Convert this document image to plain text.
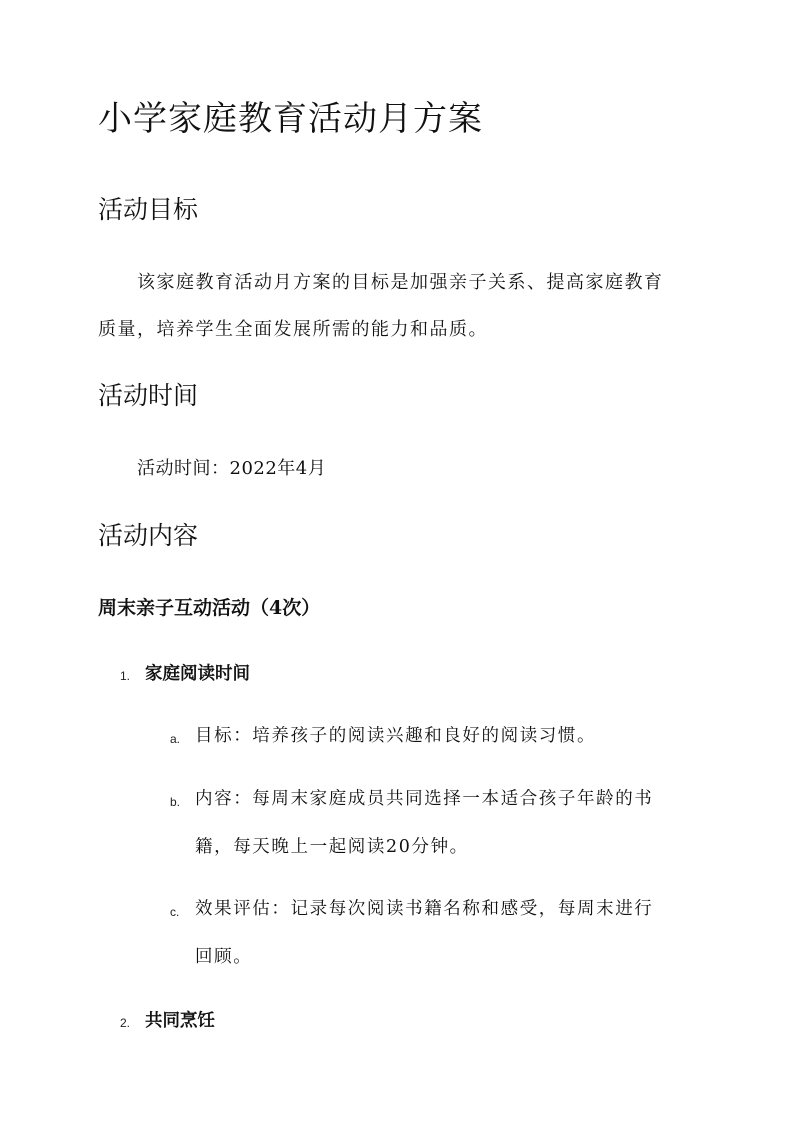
小学家庭教育活动月方案
活动目标
该家庭教育活动月方案的目标是加强亲子关系、提高家庭教育
质量，培养学生全面发展所需的能力和品质。
活动时间
活动时间：2022年4月
活动内容
周末亲子互动活动（4次）
1. 家庭阅读时间
a. 目标：培养孩子的阅读兴趣和良好的阅读习惯。
b. 内容：每周末家庭成员共同选择一本适合孩子年龄的书
籍，每天晚上一起阅读20分钟。
c. 效果评估：记录每次阅读书籍名称和感受，每周末进行
回顾。
2. 共同烹饪
